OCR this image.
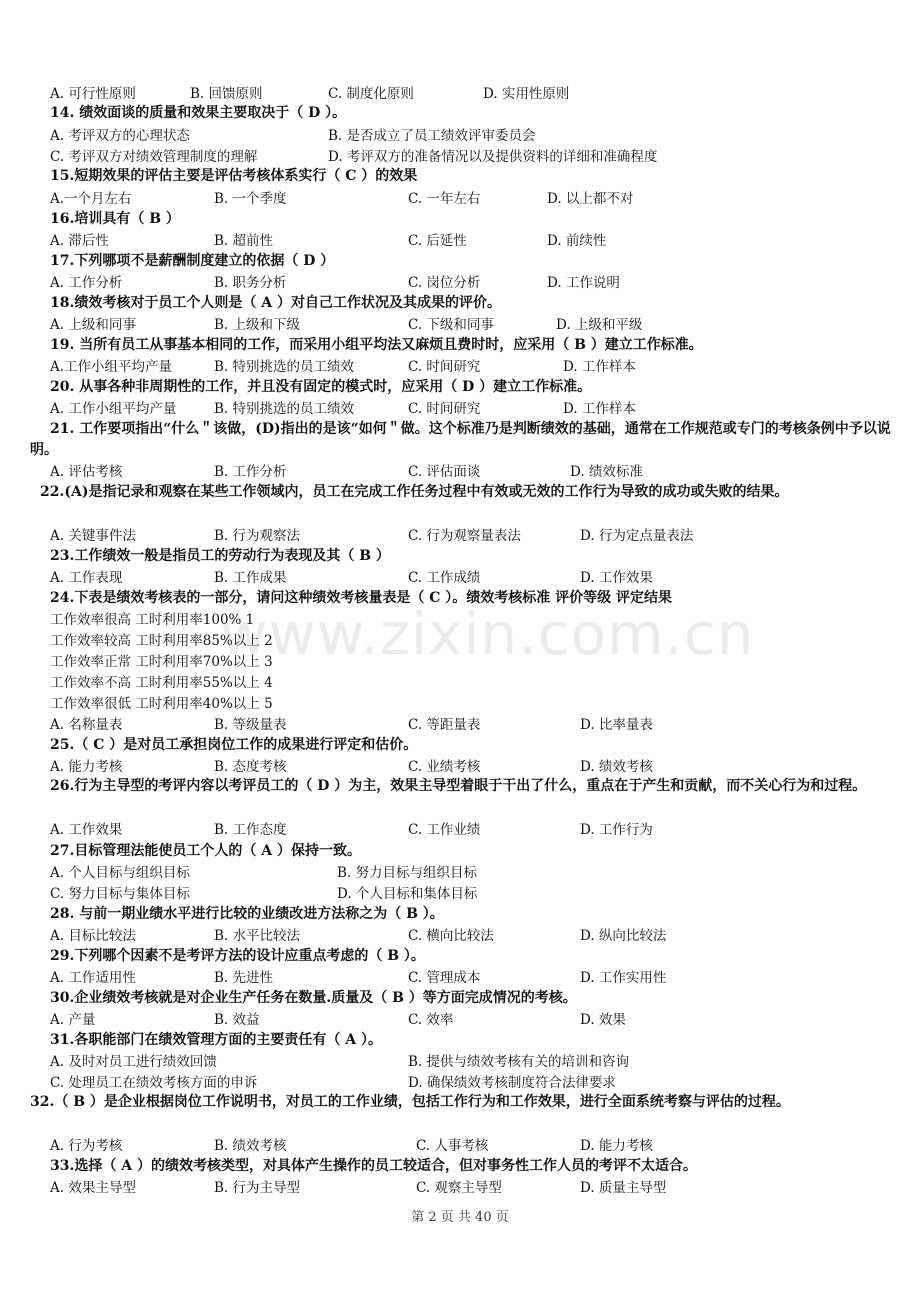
A. 可行性原则	B. 回馈原则	C. 制度化原则	D. 实用性原则
14. 绩效面谈的质量和效果主要取决于（ D ）。
A. 考评双方的心理状态	B. 是否成立了员工绩效评审委员会
C. 考评双方对绩效管理制度的理解	D. 考评双方的准备情况以及提供资料的详细和准确程度
15.短期效果的评估主要是评估考核体系实行（ C ）的效果
A.一个月左右	B. 一个季度	C. 一年左右	D. 以上都不对
16.培训具有（ B ）
A. 滞后性	B. 超前性	C. 后延性	D. 前续性
17.下列哪项不是薪酬制度建立的依据（ D ）
A. 工作分析	B. 职务分析	C. 岗位分析	D. 工作说明
18.绩效考核对于员工个人则是（ A ）对自己工作状况及其成果的评价。
A. 上级和同事	B. 上级和下级	C. 下级和同事	D. 上级和平级
19. 当所有员工从事基本相同的工作，而采用小组平均法又麻烦且费时时，应采用（ B ）建立工作标准。
A.工作小组平均产量	B. 特别挑选的员工绩效	C. 时间研究	D. 工作样本
20. 从事各种非周期性的工作，并且没有固定的模式时，应采用（ D ）建立工作标准。
A. 工作小组平均产量	B. 特别挑选的员工绩效	C. 时间研究	D. 工作样本
21. 工作要项指出“什么＂该做，(D)指出的是该“如何＂做。这个标准乃是判断绩效的基础，通常在工作规范或专门的考核条例中予以说明。
A. 评估考核	B. 工作分析	C. 评估面谈	D. 绩效标准
22.(A)是指记录和观察在某些工作领域内，员工在完成工作任务过程中有效或无效的工作行为导致的成功或失败的结果。
A. 关键事件法	B. 行为观察法	C. 行为观察量表法	D. 行为定点量表法
23.工作绩效一般是指员工的劳动行为表现及其（ B ）
A. 工作表现	B. 工作成果	C. 工作成绩	D. 工作效果
24.下表是绩效考核表的一部分，请问这种绩效考核量表是（ C ）。绩效考核标准 评价等级 评定结果
工作效率很高 工时利用率100% 1
工作效率较高 工时利用率85%以上 2
工作效率正常 工时利用率70%以上 3
工作效率不高 工时利用率55%以上 4
工作效率很低 工时利用率40%以上 5
A. 名称量表	B. 等级量表	C. 等距量表	D. 比率量表
25.（ C ）是对员工承担岗位工作的成果进行评定和估价。
A. 能力考核	B. 态度考核	C. 业绩考核	D. 绩效考核
26.行为主导型的考评内容以考评员工的（ D ）为主，效果主导型着眼于干出了什么，重点在于产生和贡献，而不关心行为和过程。
A. 工作效果	B. 工作态度	C. 工作业绩	D. 工作行为
27.目标管理法能使员工个人的（ A ）保持一致。
A. 个人目标与组织目标	B. 努力目标与组织目标
C. 努力目标与集体目标	D. 个人目标和集体目标
28. 与前一期业绩水平进行比较的业绩改进方法称之为（ B ）。
A. 目标比较法	B. 水平比较法	C. 横向比较法	D. 纵向比较法
29.下列哪个因素不是考评方法的设计应重点考虑的（ B ）。
A. 工作适用性	B. 先进性	C. 管理成本	D. 工作实用性
30.企业绩效考核就是对企业生产任务在数量.质量及（ B ）等方面完成情况的考核。
A. 产量	B. 效益	C. 效率	D. 效果
31.各职能部门在绩效管理方面的主要责任有（ A ）。
A. 及时对员工进行绩效回馈	B. 提供与绩效考核有关的培训和咨询
C. 处理员工在绩效考核方面的申诉	D. 确保绩效考核制度符合法律要求
32.（ B ）是企业根据岗位工作说明书，对员工的工作业绩，包括工作行为和工作效果，进行全面系统考察与评估的过程。
A. 行为考核	B. 绩效考核	C. 人事考核	D. 能力考核
33.选择（ A ）的绩效考核类型，对具体产生操作的员工较适合，但对事务性工作人员的考评不太适合。
A. 效果主导型	B. 行为主导型	C. 观察主导型	D. 质量主导型
www.zixin.com.cn
第 2 页 共 40 页
